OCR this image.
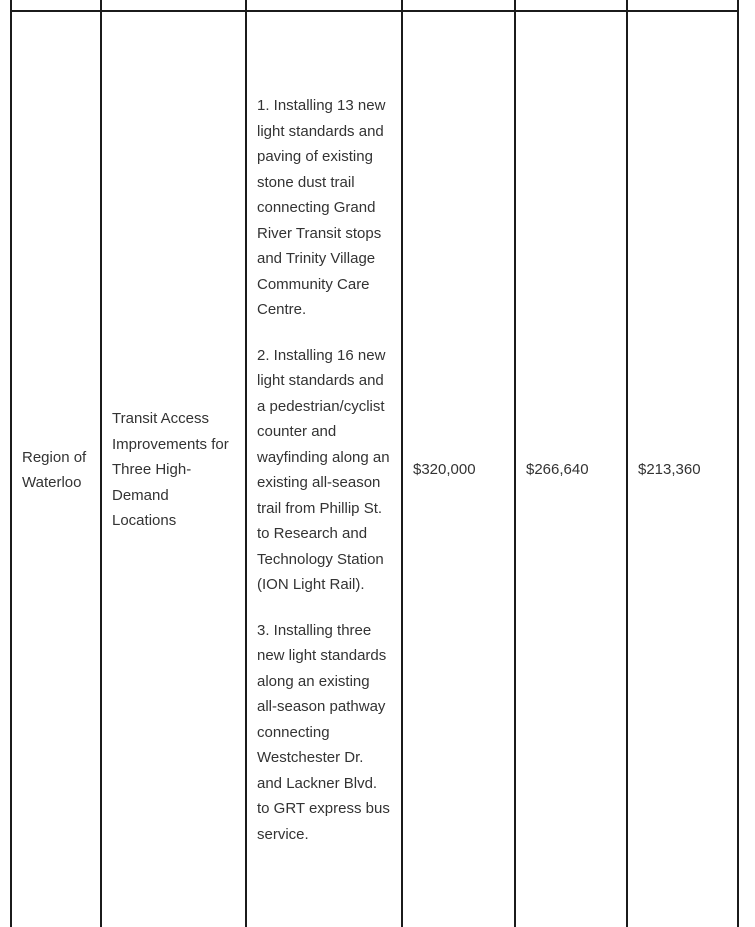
Region of Waterloo	Transit Access Improvements for Three High-Demand Locations	1. Installing 13 new light standards and paving of existing stone dust trail connecting Grand River Transit stops and Trinity Village Community Care Centre.

2. Installing 16 new light standards and a pedestrian/cyclist counter and wayfinding along an existing all-season trail from Phillip St. to Research and Technology Station (ION Light Rail).

3. Installing three new light standards along an existing all-season pathway connecting Westchester Dr. and Lackner Blvd. to GRT express bus service.	$320,000	$266,640	$213,360
